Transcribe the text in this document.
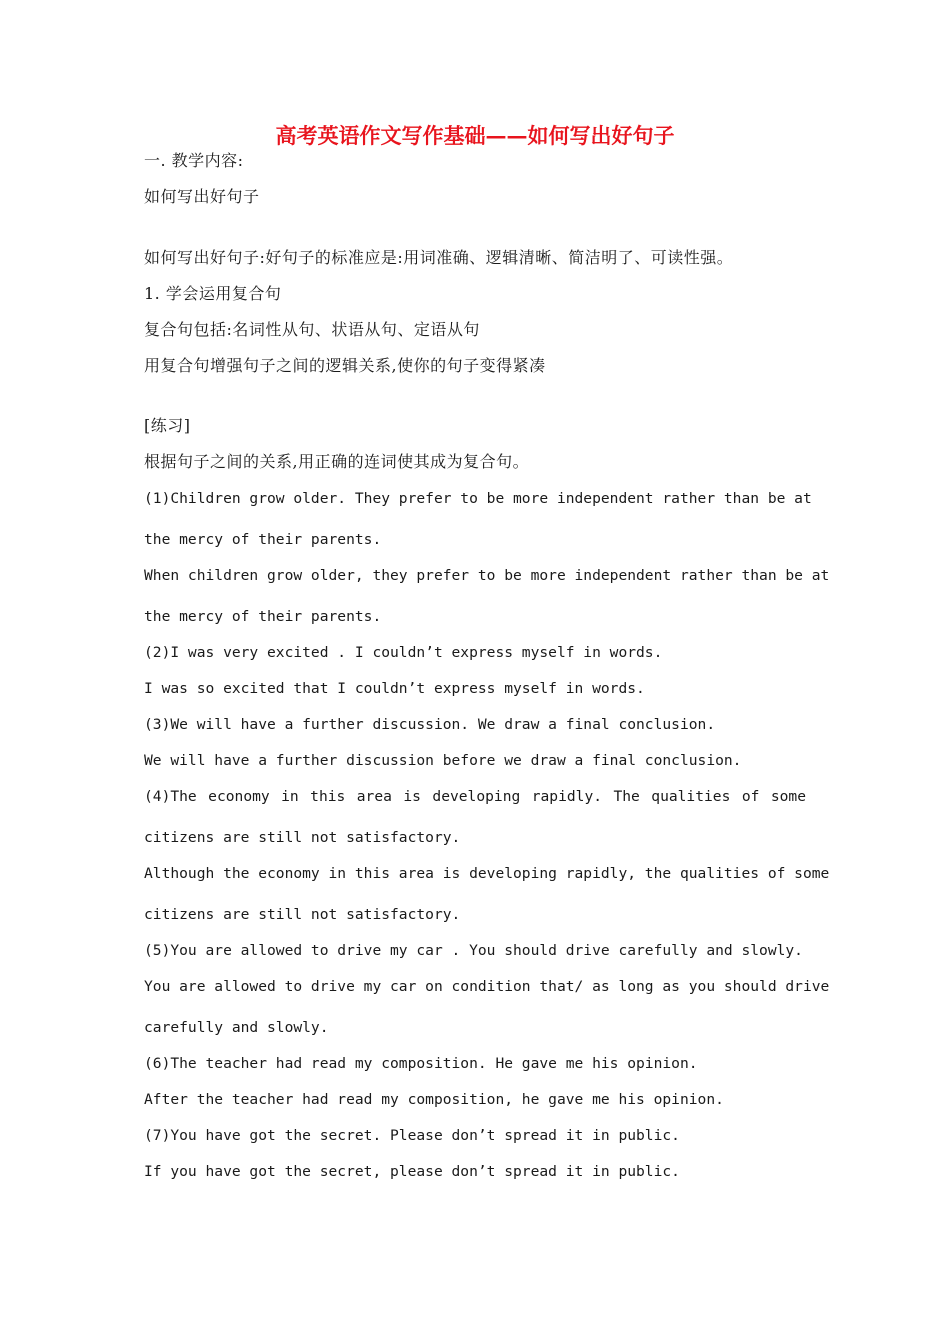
高考英语作文写作基础——如何写出好句子
一. 教学内容:
如何写出好句子
如何写出好句子:好句子的标准应是:用词准确、逻辑清晰、简洁明了、可读性强。
1. 学会运用复合句
复合句包括:名词性从句、状语从句、定语从句
用复合句增强句子之间的逻辑关系,使你的句子变得紧凑
[练习]
根据句子之间的关系,用正确的连词使其成为复合句。
(1)Children grow older. They prefer to be more independent rather than be at
the mercy of their parents.
When children grow older, they prefer to be more independent rather than be at
the mercy of their parents.
(2)I was very excited . I couldn’t express myself in words.
I was so excited that I couldn’t express myself in words.
(3)We will have a further discussion. We draw a final conclusion.
We will have a further discussion before we draw a final conclusion.
(4)The economy in this area is developing rapidly. The qualities of some
citizens are still not satisfactory.
Although the economy in this area is developing rapidly, the qualities of some
citizens are still not satisfactory.
(5)You are allowed to drive my car . You should drive carefully and slowly.
You are allowed to drive my car on condition that/ as long as you should drive
carefully and slowly.
(6)The teacher had read my composition. He gave me his opinion.
After the teacher had read my composition, he gave me his opinion.
(7)You have got the secret. Please don’t spread it in public.
If you have got the secret, please don’t spread it in public.
